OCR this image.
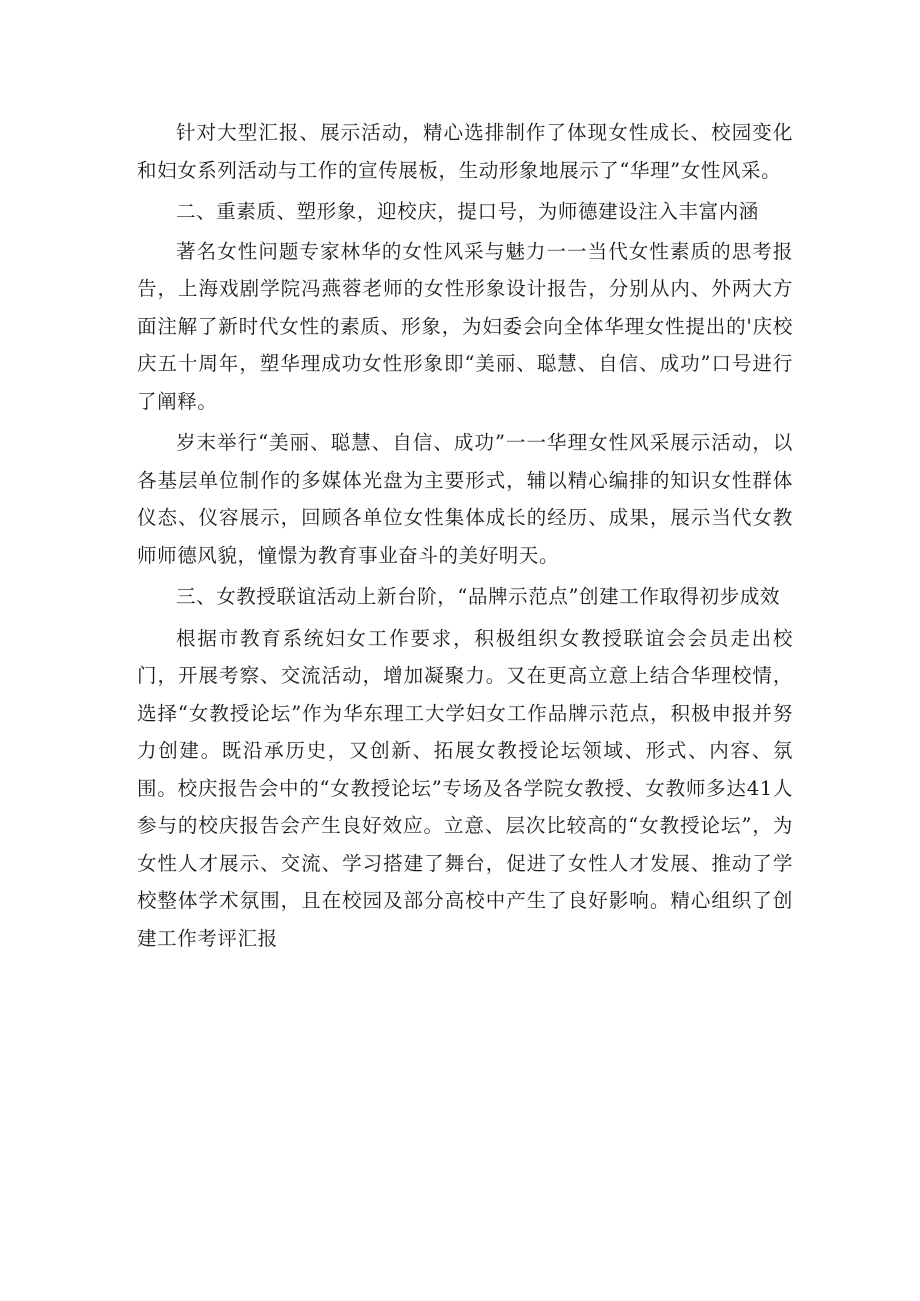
针对大型汇报、展示活动，精心选排制作了体现女性成长、校园变化和妇女系列活动与工作的宣传展板，生动形象地展示了“华理”女性风采。

二、重素质、塑形象，迎校庆，提口号，为师德建设注入丰富内涵

著名女性问题专家林华的女性风采与魅力一一当代女性素质的思考报告，上海戏剧学院冯燕蓉老师的女性形象设计报告，分别从内、外两大方面注解了新时代女性的素质、形象，为妇委会向全体华理女性提出的'庆校庆五十周年，塑华理成功女性形象即“美丽、聪慧、自信、成功”口号进行了阐释。

岁末举行“美丽、聪慧、自信、成功”一一华理女性风采展示活动，以各基层单位制作的多媒体光盘为主要形式，辅以精心编排的知识女性群体仪态、仪容展示，回顾各单位女性集体成长的经历、成果，展示当代女教师师德风貌，憧憬为教育事业奋斗的美好明天。

三、女教授联谊活动上新台阶，“品牌示范点”创建工作取得初步成效

根据市教育系统妇女工作要求，积极组织女教授联谊会会员走出校门，开展考察、交流活动，增加凝聚力。又在更高立意上结合华理校情，选择“女教授论坛”作为华东理工大学妇女工作品牌示范点，积极申报并努力创建。既沿承历史，又创新、拓展女教授论坛领域、形式、内容、氛围。校庆报告会中的“女教授论坛”专场及各学院女教授、女教师多达41人参与的校庆报告会产生良好效应。立意、层次比较高的“女教授论坛”，为女性人才展示、交流、学习搭建了舞台，促进了女性人才发展、推动了学校整体学术氛围，且在校园及部分高校中产生了良好影响。精心组织了创建工作考评汇报
